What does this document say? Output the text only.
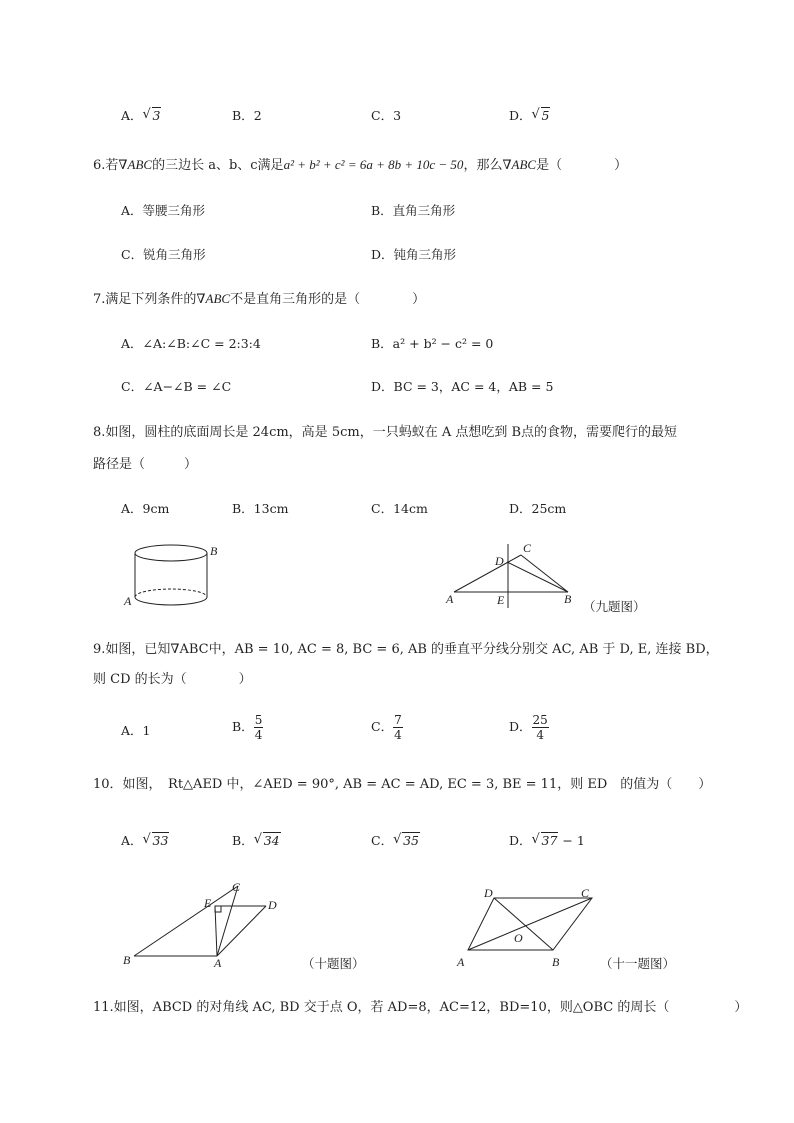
A． √ 3	B．2	C．3	D． √ 5
6.若∇ABC的三边长 a、b、c满足a² + b² + c² = 6a + 8b + 10c − 50，那么∇ABC是（　　　　）
A．等腰三角形	B．直角三角形
C．锐角三角形	D．钝角三角形
7.满足下列条件的∇ABC不是直角三角形的是（　　　　）
A．∠A:∠B:∠C = 2:3:4	B．a² + b² − c² = 0
C．∠A−∠B = ∠C	D．BC = 3，AC = 4，AB = 5
8.如图，圆柱的底面周长是 24cm，高是 5cm，一只蚂蚁在 A 点想吃到 B点的食物，需要爬行的最短
路径是（　　　）
A．9cm	B．13cm	C．14cm	D．25cm
B
A	A	B
C
D
E	（九题图）
9.如图，已知∇ABC中，AB = 10, AC = 8, BC = 6, AB 的垂直平分线分别交 AC, AB 于 D, E, 连接 BD，
则 CD 的长为（　　　　）
A．1	B． $\frac{5}{4}$	C． $\frac{7}{4}$	D． $\frac{25}{4}$
10．如图，　Rt△AED 中，∠AED = 90°, AB = AC = AD, EC = 3, BE = 11，则 ED　的值为（　　）
A． √ 33	B． √ 34	C． √ 35	D． √ 37 − 1
B	A
C
E	D
（十题图）	A	B
C
D
O
（十一题图）
11.如图，ABCD 的对角线 AC, BD 交于点 O，若 AD=8，AC=12，BD=10，则△OBC 的周长（　　　　　）
